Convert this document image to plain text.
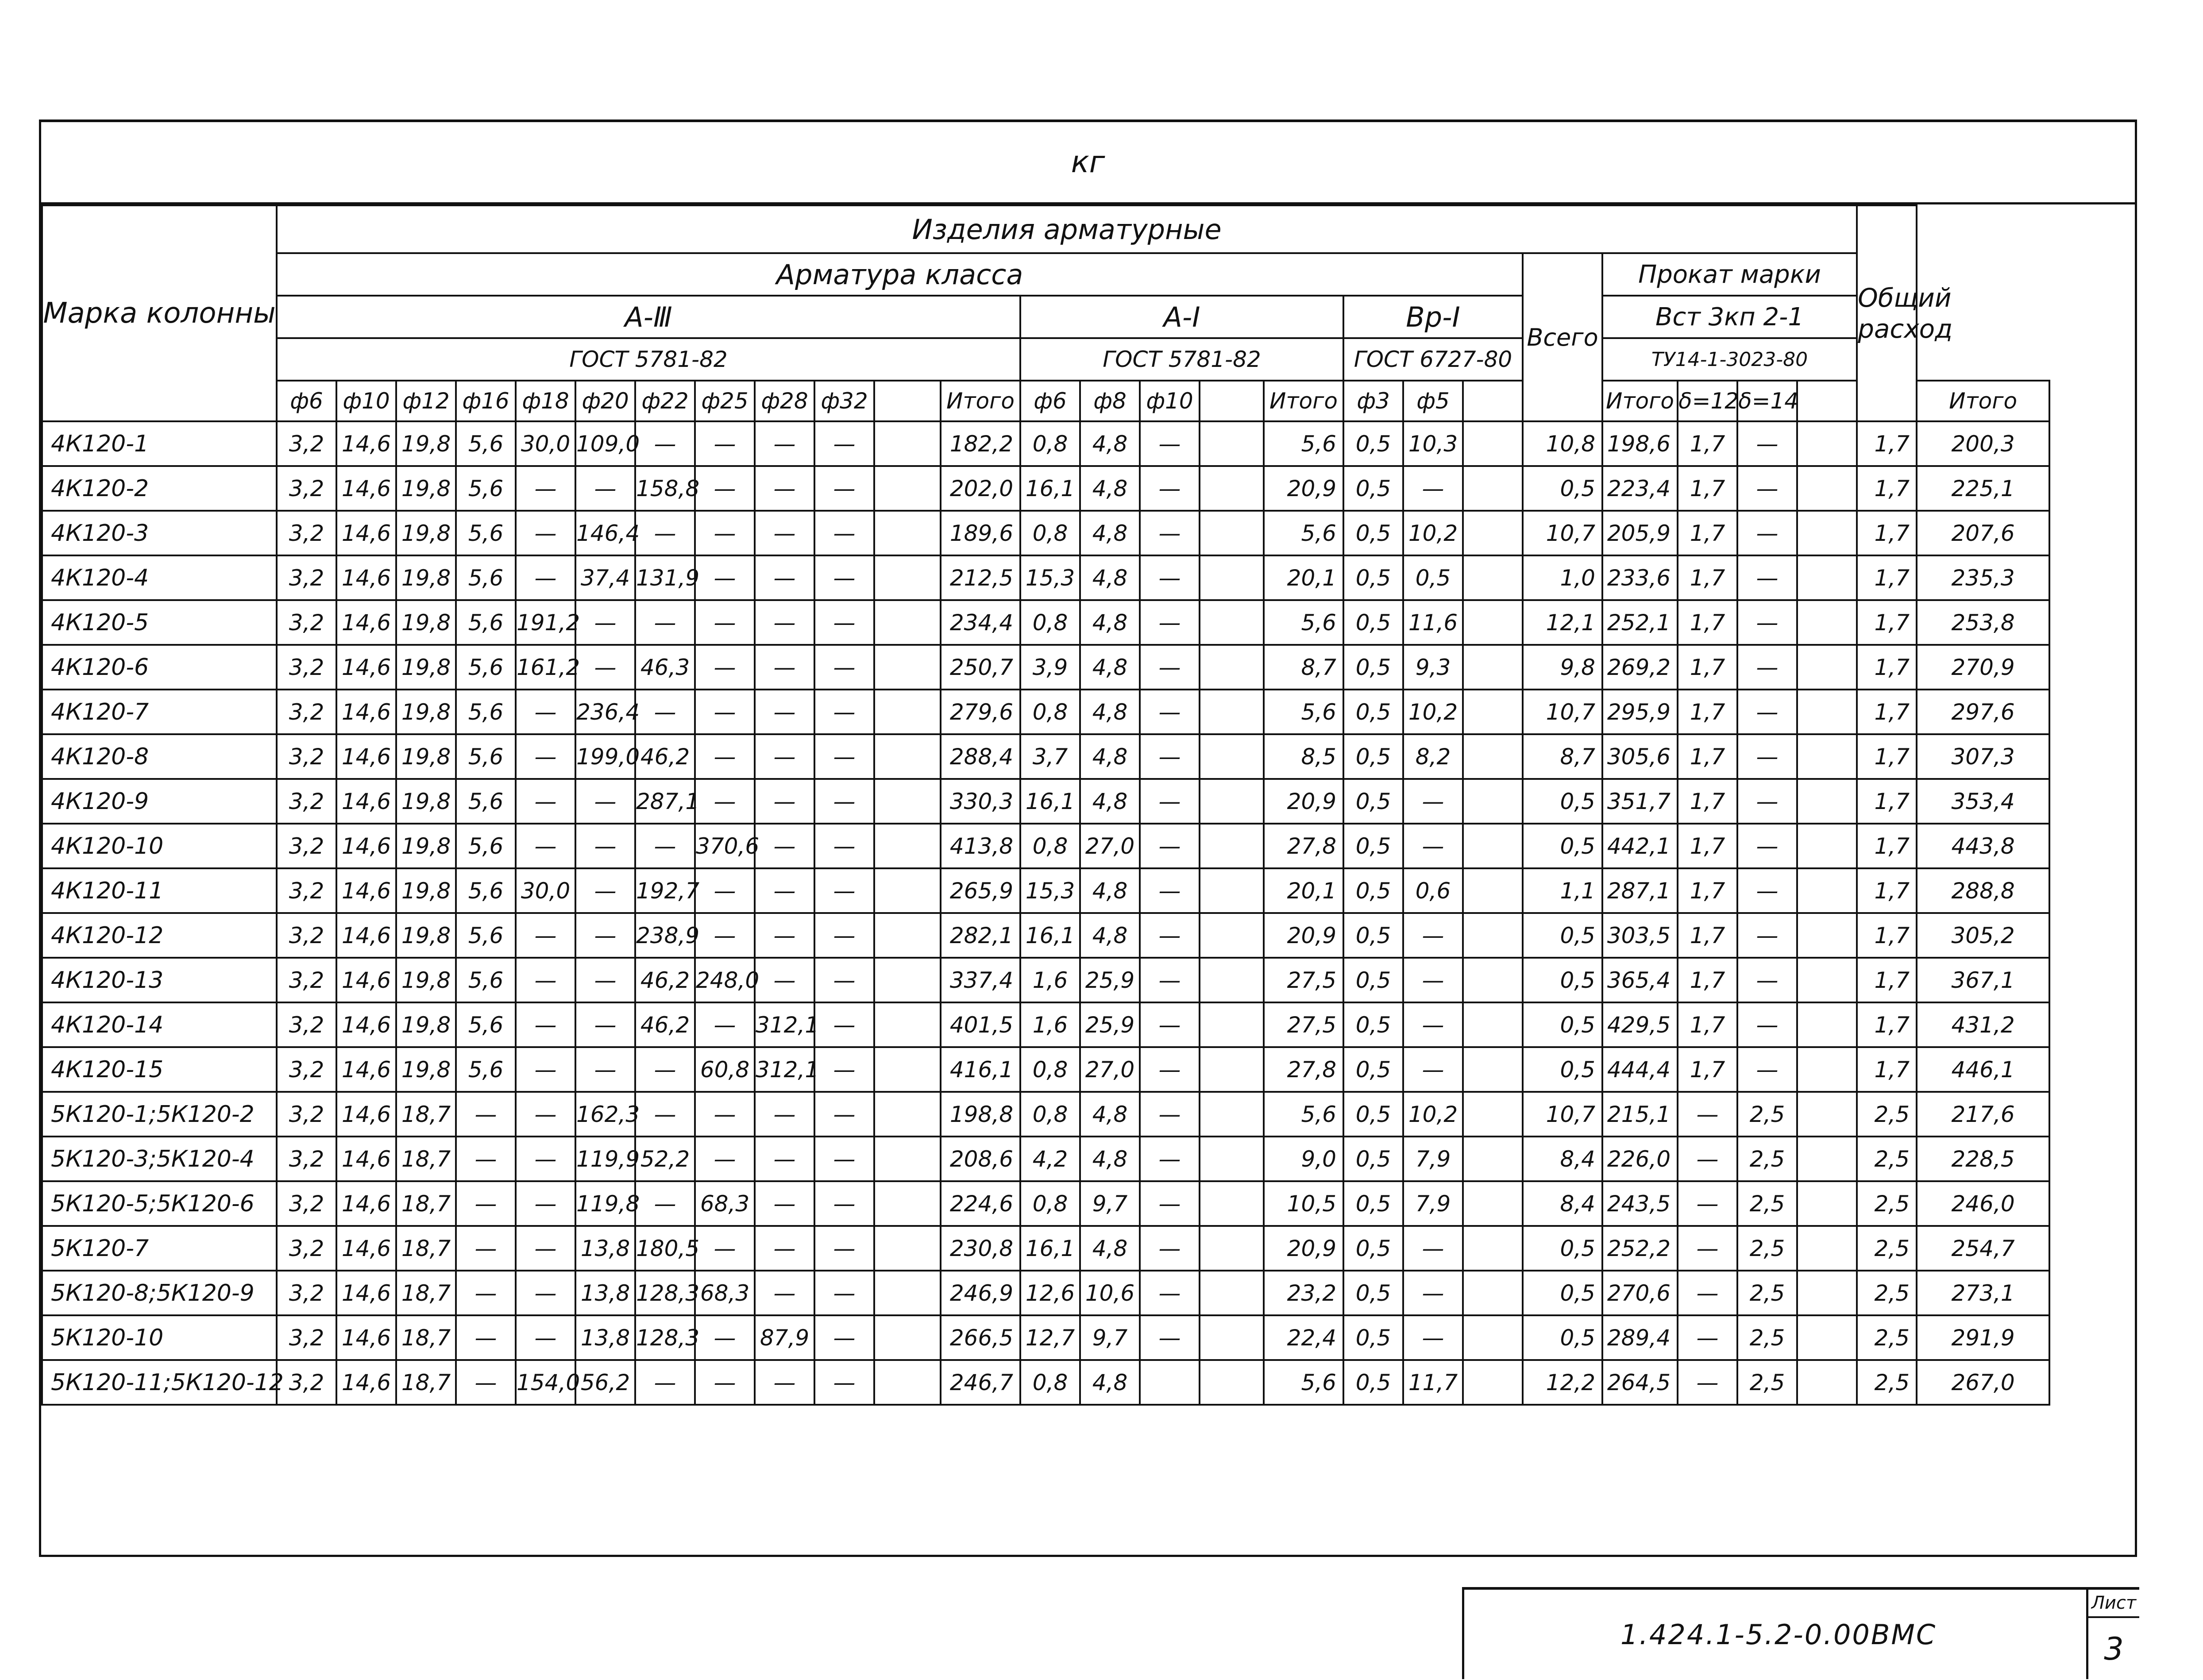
кг
Марка колонны	Изделия арматурные																									Общий расход	
	Арматура класса																				Всего	Прокат марки					
	А-Ⅲ												А-Ⅰ					Вр-Ⅰ				Вст 3кп 2-1					
	ГОСТ 5781-82												ГОСТ 5781-82					ГОСТ 6727-80				ТУ14-1-3023-80					
	ф6	ф10	ф12	ф16	ф18	ф20	ф22	ф25	ф28	ф32		Итого	ф6	ф8	ф10		Итого	ф3	ф5			Итого	δ=12	δ=14			Итого
4К120-1	3,2	14,6	19,8	5,6	30,0	109,0	—	—	—	—		182,2	0,8	4,8	—		5,6	0,5	10,3		10,8	198,6	1,7	—		1,7	200,3
4К120-2	3,2	14,6	19,8	5,6	—	—	158,8	—	—	—		202,0	16,1	4,8	—		20,9	0,5	—		0,5	223,4	1,7	—		1,7	225,1
4К120-3	3,2	14,6	19,8	5,6	—	146,4	—	—	—	—		189,6	0,8	4,8	—		5,6	0,5	10,2		10,7	205,9	1,7	—		1,7	207,6
4К120-4	3,2	14,6	19,8	5,6	—	37,4	131,9	—	—	—		212,5	15,3	4,8	—		20,1	0,5	0,5		1,0	233,6	1,7	—		1,7	235,3
4К120-5	3,2	14,6	19,8	5,6	191,2	—	—	—	—	—		234,4	0,8	4,8	—		5,6	0,5	11,6		12,1	252,1	1,7	—		1,7	253,8
4К120-6	3,2	14,6	19,8	5,6	161,2	—	46,3	—	—	—		250,7	3,9	4,8	—		8,7	0,5	9,3		9,8	269,2	1,7	—		1,7	270,9
4К120-7	3,2	14,6	19,8	5,6	—	236,4	—	—	—	—		279,6	0,8	4,8	—		5,6	0,5	10,2		10,7	295,9	1,7	—		1,7	297,6
4К120-8	3,2	14,6	19,8	5,6	—	199,0	46,2	—	—	—		288,4	3,7	4,8	—		8,5	0,5	8,2		8,7	305,6	1,7	—		1,7	307,3
4К120-9	3,2	14,6	19,8	5,6	—	—	287,1	—	—	—		330,3	16,1	4,8	—		20,9	0,5	—		0,5	351,7	1,7	—		1,7	353,4
4К120-10	3,2	14,6	19,8	5,6	—	—	—	370,6	—	—		413,8	0,8	27,0	—		27,8	0,5	—		0,5	442,1	1,7	—		1,7	443,8
4К120-11	3,2	14,6	19,8	5,6	30,0	—	192,7	—	—	—		265,9	15,3	4,8	—		20,1	0,5	0,6		1,1	287,1	1,7	—		1,7	288,8
4К120-12	3,2	14,6	19,8	5,6	—	—	238,9	—	—	—		282,1	16,1	4,8	—		20,9	0,5	—		0,5	303,5	1,7	—		1,7	305,2
4К120-13	3,2	14,6	19,8	5,6	—	—	46,2	248,0	—	—		337,4	1,6	25,9	—		27,5	0,5	—		0,5	365,4	1,7	—		1,7	367,1
4К120-14	3,2	14,6	19,8	5,6	—	—	46,2	—	312,1	—		401,5	1,6	25,9	—		27,5	0,5	—		0,5	429,5	1,7	—		1,7	431,2
4К120-15	3,2	14,6	19,8	5,6	—	—	—	60,8	312,1	—		416,1	0,8	27,0	—		27,8	0,5	—		0,5	444,4	1,7	—		1,7	446,1
5К120-1;5К120-2	3,2	14,6	18,7	—	—	162,3	—	—	—	—		198,8	0,8	4,8	—		5,6	0,5	10,2		10,7	215,1	—	2,5		2,5	217,6
5К120-3;5К120-4	3,2	14,6	18,7	—	—	119,9	52,2	—	—	—		208,6	4,2	4,8	—		9,0	0,5	7,9		8,4	226,0	—	2,5		2,5	228,5
5К120-5;5К120-6	3,2	14,6	18,7	—	—	119,8	—	68,3	—	—		224,6	0,8	9,7	—		10,5	0,5	7,9		8,4	243,5	—	2,5		2,5	246,0
5К120-7	3,2	14,6	18,7	—	—	13,8	180,5	—	—	—		230,8	16,1	4,8	—		20,9	0,5	—		0,5	252,2	—	2,5		2,5	254,7
5К120-8;5К120-9	3,2	14,6	18,7	—	—	13,8	128,3	68,3	—	—		246,9	12,6	10,6	—		23,2	0,5	—		0,5	270,6	—	2,5		2,5	273,1
5К120-10	3,2	14,6	18,7	—	—	13,8	128,3	—	87,9	—		266,5	12,7	9,7	—		22,4	0,5	—		0,5	289,4	—	2,5		2,5	291,9
5К120-11;5К120-12	3,2	14,6	18,7	—	154,0	56,2	—	—	—	—		246,7	0,8	4,8			5,6	0,5	11,7		12,2	264,5	—	2,5		2,5	267,0
1.424.1-5.2-0.00ВМС
Лист
3
